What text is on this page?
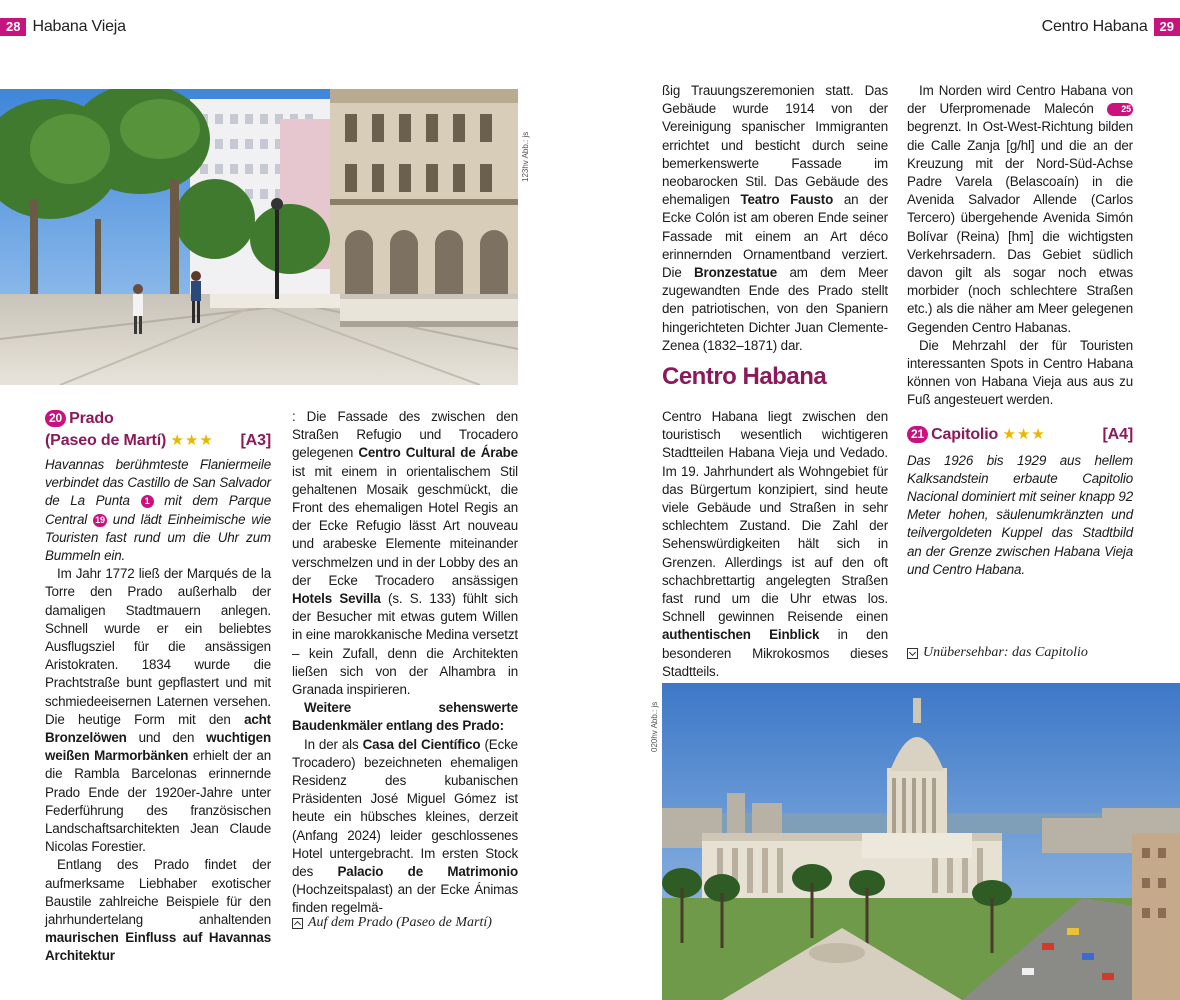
28 Habana Vieja	Centro Habana 29
123hv Abb.: js
20 Prado
(Paseo de Martí) ★★★ [A3]

Havannas berühmteste Flaniermeile verbindet das Castillo de San Salvador de La Punta 1 mit dem Parque Central 19 und lädt Einheimische wie Touristen fast rund um die Uhr zum Bummeln ein.

Im Jahr 1772 ließ der Marqués de la Torre den Prado außerhalb der damaligen Stadtmauern anlegen. Schnell wurde er ein beliebtes Ausflugsziel für die ansässigen Aristokraten. 1834 wurde die Prachtstraße bunt gepflastert und mit schmiedeeisernen Laternen versehen. Die heutige Form mit den acht Bronzelöwen und den wuchtigen weißen Marmorbänken erhielt der an die Rambla Barcelonas erinnernde Prado Ende der 1920er-Jahre unter Federführung des französischen Landschaftsarchitekten Jean Claude Nicolas Forestier.

Entlang des Prado findet der aufmerksame Liebhaber exotischer Baustile zahlreiche Beispiele für den jahrhundertelang anhaltenden maurischen Einfluss auf Havannas Architektur

: Die Fassade des zwischen den Straßen Refugio und Trocadero gelegenen Centro Cultural de Árabe ist mit einem in orientalischem Stil gehaltenen Mosaik geschmückt, die Front des ehemaligen Hotel Regis an der Ecke Refugio lässt Art nouveau und arabeske Elemente miteinander verschmelzen und in der Lobby des an der Ecke Trocadero ansässigen Hotels Sevilla (s. S. 133) fühlt sich der Besucher mit etwas gutem Willen in eine marokkanische Medina versetzt – kein Zufall, denn die Architekten ließen sich von der Alhambra in Granada inspirieren.

Weitere sehenswerte Baudenkmäler entlang des Prado:

In der als Casa del Científico (Ecke Trocadero) bezeichneten ehemaligen Residenz des kubanischen Präsidenten José Miguel Gómez ist heute ein hübsches kleines, derzeit (Anfang 2024) leider geschlossenes Hotel untergebracht. Im ersten Stock des Palacio de Matrimonio (Hochzeitspalast) an der Ecke Ánimas finden regelmä-

Auf dem Prado (Paseo de Martí)

ßig Trauungszeremonien statt. Das Gebäude wurde 1914 von der Vereinigung spanischer Immigranten errichtet und besticht durch seine bemerkenswerte Fassade im neobarocken Stil. Das Gebäude des ehemaligen Teatro Fausto an der Ecke Colón ist am oberen Ende seiner Fassade mit einem an Art déco erinnernden Ornamentband verziert. Die Bronzestatue am dem Meer zugewandten Ende des Prado stellt den patriotischen, von den Spaniern hingerichteten Dichter Juan Clemente-Zenea (1832–1871) dar.

Centro Habana

Centro Habana liegt zwischen den touristisch wesentlich wichtigeren Stadtteilen Habana Vieja und Vedado. Im 19. Jahrhundert als Wohngebiet für das Bürgertum konzipiert, sind heute viele Gebäude und Straßen in sehr schlechtem Zustand. Die Zahl der Sehenswürdigkeiten hält sich in Grenzen. Allerdings ist auf den oft schachbrettartig angelegten Straßen fast rund um die Uhr etwas los. Schnell gewinnen Reisende einen authentischen Einblick in den besonderen Mikrokosmos dieses Stadtteils.

Im Norden wird Centro Habana von der Uferpromenade Malecón	25 begrenzt. In Ost-West-Richtung bilden die Calle Zanja [g/hl] und die an der Kreuzung mit der Nord-Süd-Achse Padre Varela (Belascoaín) in die Avenida Salvador Allende (Carlos Tercero) übergehende Avenida Simón Bolívar (Reina) [hm] die wichtigsten Verkehrsadern. Das Gebiet südlich davon gilt als sogar noch etwas morbider (noch schlechtere Straßen etc.) als die näher am Meer gelegenen Gegenden Centro Habanas.

Die Mehrzahl der für Touristen interessanten Spots in Centro Habana können von Habana Vieja aus aus zu Fuß angesteuert werden.

21 Capitolio ★★★	[A4]

Das 1926 bis 1929 aus hellem Kalksandstein erbaute Capitolio Nacional dominiert mit seiner knapp 92 Meter hohen, säulenumkränzten und teilvergoldeten Kuppel das Stadtbild an der Grenze zwischen Habana Vieja und Centro Habana.

Unübersehbar: das Capitolio
020hv Abb.: js
